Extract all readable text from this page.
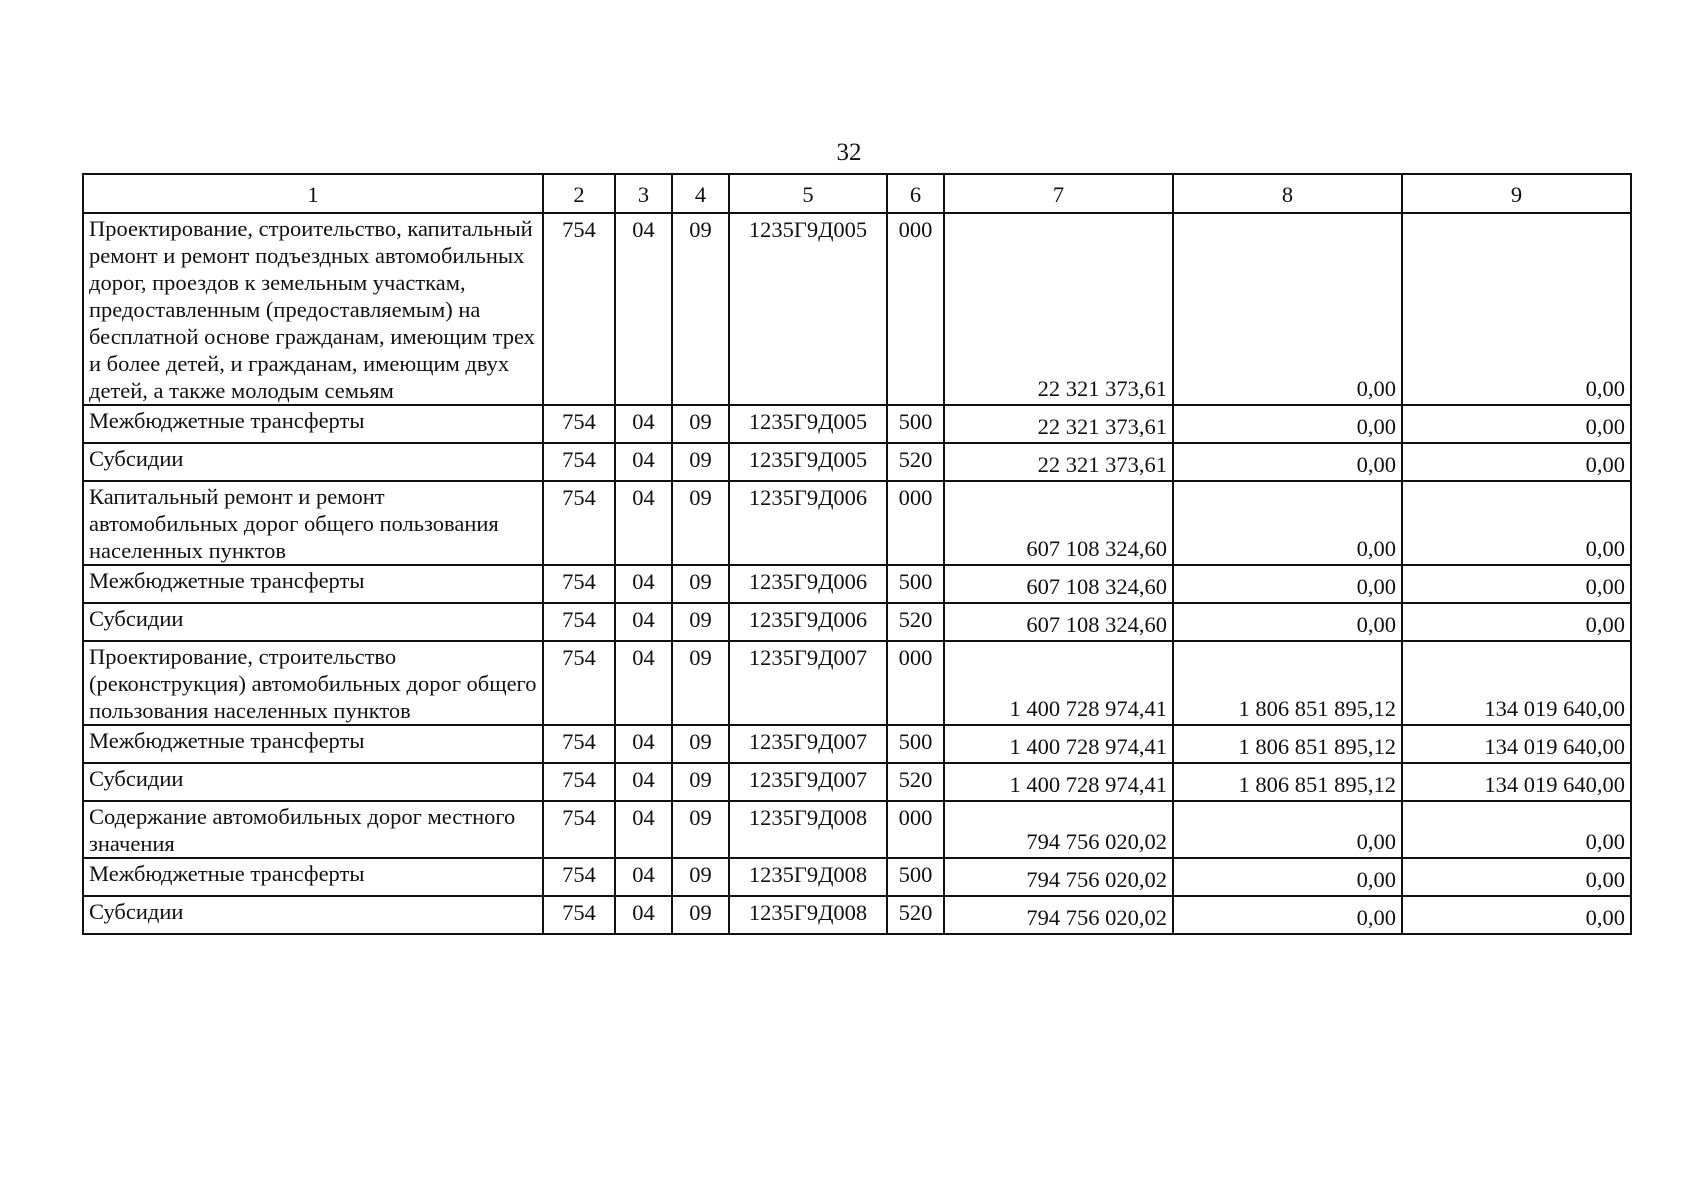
32
1	2	3	4	5	6	7	8	9
Проектирование, строительство, капитальный ремонт и ремонт подъездных автомобильных дорог, проездов к земельным участкам, предоставленным (предоставляемым) на бесплатной основе гражданам, имеющим трех и более детей, и гражданам, имеющим двух детей, а также молодым семьям	754	04	09	1235Г9Д005	000	22 321 373,61	0,00	0,00
Межбюджетные трансферты	754	04	09	1235Г9Д005	500	22 321 373,61	0,00	0,00
Субсидии	754	04	09	1235Г9Д005	520	22 321 373,61	0,00	0,00
Капитальный ремонт и ремонт автомобильных дорог общего пользования населенных пунктов	754	04	09	1235Г9Д006	000	607 108 324,60	0,00	0,00
Межбюджетные трансферты	754	04	09	1235Г9Д006	500	607 108 324,60	0,00	0,00
Субсидии	754	04	09	1235Г9Д006	520	607 108 324,60	0,00	0,00
Проектирование, строительство (реконструкция) автомобильных дорог общего пользования населенных пунктов	754	04	09	1235Г9Д007	000	1 400 728 974,41	1 806 851 895,12	134 019 640,00
Межбюджетные трансферты	754	04	09	1235Г9Д007	500	1 400 728 974,41	1 806 851 895,12	134 019 640,00
Субсидии	754	04	09	1235Г9Д007	520	1 400 728 974,41	1 806 851 895,12	134 019 640,00
Содержание автомобильных дорог местного значения	754	04	09	1235Г9Д008	000	794 756 020,02	0,00	0,00
Межбюджетные трансферты	754	04	09	1235Г9Д008	500	794 756 020,02	0,00	0,00
Субсидии	754	04	09	1235Г9Д008	520	794 756 020,02	0,00	0,00
